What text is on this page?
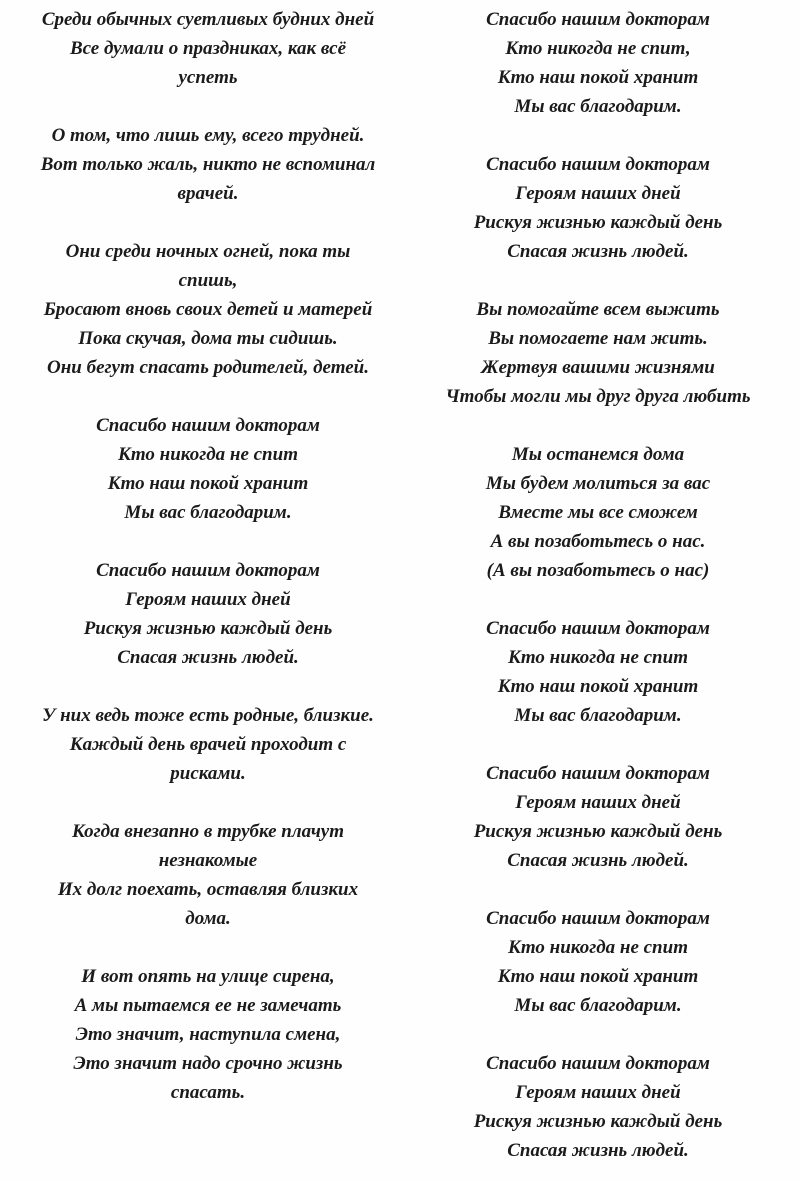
Среди обычных суетливых будних дней
Все думали о праздниках, как всё
успеть
О том, что лишь ему, всего трудней.
Вот только жаль, никто не вспоминал
врачей.
Они среди ночных огней, пока ты
спишь,
Бросают вновь своих детей и матерей
Пока скучая, дома ты сидишь.
Они бегут спасать родителей, детей.
Спасибо нашим докторам
Кто никогда не спит
Кто наш покой хранит
Мы вас благодарим.
Спасибо нашим докторам
Героям наших дней
Рискуя жизнью каждый день
Спасая жизнь людей.
У них ведь тоже есть родные, близкие.
Каждый день врачей проходит с
рисками.
Когда внезапно в трубке плачут
незнакомые
Их долг поехать, оставляя близких
дома.
И вот опять на улице сирена,
А мы пытаемся ее не замечать
Это значит, наступила смена,
Это значит надо срочно жизнь
спасать.
Спасибо нашим докторам
Кто никогда не спит,
Кто наш покой хранит
Мы вас благодарим.
Спасибо нашим докторам
Героям наших дней
Рискуя жизнью каждый день
Спасая жизнь людей.
Вы помогайте всем выжить
Вы помогаете нам жить.
Жертвуя вашими жизнями
Чтобы могли мы друг друга любить
Мы останемся дома
Мы будем молиться за вас
Вместе мы все сможем
А вы позаботьтесь о нас.
(А вы позаботьтесь о нас)
Спасибо нашим докторам
Кто никогда не спит
Кто наш покой хранит
Мы вас благодарим.
Спасибо нашим докторам
Героям наших дней
Рискуя жизнью каждый день
Спасая жизнь людей.
Спасибо нашим докторам
Кто никогда не спит
Кто наш покой хранит
Мы вас благодарим.
Спасибо нашим докторам
Героям наших дней
Рискуя жизнью каждый день
Спасая жизнь людей.
